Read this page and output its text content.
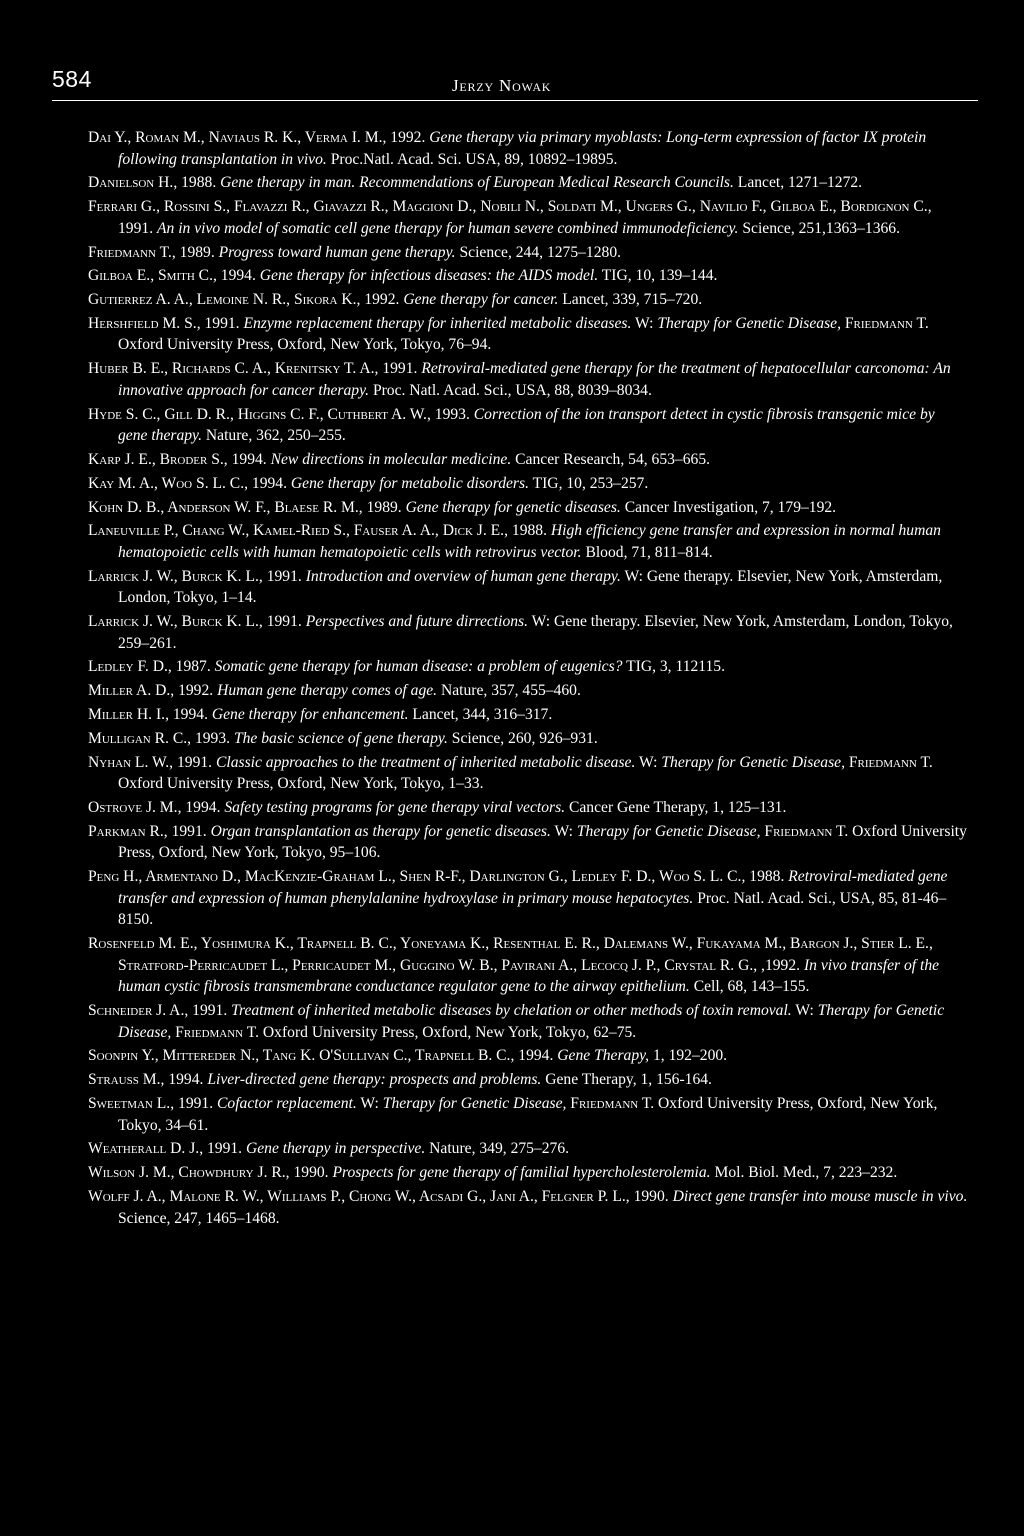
584	Jerzy Nowak

Dai Y., Roman M., Naviaus R. K., Verma I. M., 1992. Gene therapy via primary myoblasts: Long-term expression of factor IX protein following transplantation in vivo. Proc.Natl. Acad. Sci. USA, 89, 10892–19895.

Danielson H., 1988. Gene therapy in man. Recommendations of European Medical Research Councils. Lancet, 1271–1272.

Ferrari G., Rossini S., Flavazzi R., Giavazzi R., Maggioni D., Nobili N., Soldati M., Ungers G., Navilio F., Gilboa E., Bordignon C., 1991. An in vivo model of somatic cell gene therapy for human severe combined immunodeficiency. Science, 251,1363–1366.

Friedmann T., 1989. Progress toward human gene therapy. Science, 244, 1275–1280.

Gilboa E., Smith C., 1994. Gene therapy for infectious diseases: the AIDS model. TIG, 10, 139–144.

Gutierrez A. A., Lemoine N. R., Sikora K., 1992. Gene therapy for cancer. Lancet, 339, 715–720.

Hershfield M. S., 1991. Enzyme replacement therapy for inherited metabolic diseases. W: Therapy for Genetic Disease, Friedmann T. Oxford University Press, Oxford, New York, Tokyo, 76–94.

Huber B. E., Richards C. A., Krenitsky T. A., 1991. Retroviral-mediated gene therapy for the treatment of hepatocellular carconoma: An innovative approach for cancer therapy. Proc. Natl. Acad. Sci., USA, 88, 8039–8034.

Hyde S. C., Gill D. R., Higgins C. F., Cuthbert A. W., 1993. Correction of the ion transport detect in cystic fibrosis transgenic mice by gene therapy. Nature, 362, 250–255.

Karp J. E., Broder S., 1994. New directions in molecular medicine. Cancer Research, 54, 653–665.

Kay M. A., Woo S. L. C., 1994. Gene therapy for metabolic disorders. TIG, 10, 253–257.

Kohn D. B., Anderson W. F., Blaese R. M., 1989. Gene therapy for genetic diseases. Cancer Investigation, 7, 179–192.

Laneuville P., Chang W., Kamel-Ried S., Fauser A. A., Dick J. E., 1988. High efficiency gene transfer and expression in normal human hematopoietic cells with human hematopoietic cells with retrovirus vector. Blood, 71, 811–814.

Larrick J. W., Burck K. L., 1991. Introduction and overview of human gene therapy. W: Gene therapy. Elsevier, New York, Amsterdam, London, Tokyo, 1–14.

Larrick J. W., Burck K. L., 1991. Perspectives and future dirrections. W: Gene therapy. Elsevier, New York, Amsterdam, London, Tokyo, 259–261.

Ledley F. D., 1987. Somatic gene therapy for human disease: a problem of eugenics? TIG, 3, 112115.

Miller A. D., 1992. Human gene therapy comes of age. Nature, 357, 455–460.

Miller H. I., 1994. Gene therapy for enhancement. Lancet, 344, 316–317.

Mulligan R. C., 1993. The basic science of gene therapy. Science, 260, 926–931.

Nyhan L. W., 1991. Classic approaches to the treatment of inherited metabolic disease. W: Therapy for Genetic Disease, Friedmann T. Oxford University Press, Oxford, New York, Tokyo, 1–33.

Ostrove J. M., 1994. Safety testing programs for gene therapy viral vectors. Cancer Gene Therapy, 1, 125–131.

Parkman R., 1991. Organ transplantation as therapy for genetic diseases. W: Therapy for Genetic Disease, Friedmann T. Oxford University Press, Oxford, New York, Tokyo, 95–106.

Peng H., Armentano D., MacKenzie-Graham L., Shen R-F., Darlington G., Ledley F. D., Woo S. L. C., 1988. Retroviral-mediated gene transfer and expression of human phenylalanine hydroxylase in primary mouse hepatocytes. Proc. Natl. Acad. Sci., USA, 85, 81-46–8150.

Rosenfeld M. E., Yoshimura K., Trapnell B. C., Yoneyama K., Resenthal E. R., Dalemans W., Fukayama M., Bargon J., Stier L. E., Stratford-Perricaudet L., Perricaudet M., Guggino W. B., Pavirani A., Lecocq J. P., Crystal R. G., ,1992. In vivo transfer of the human cystic fibrosis transmembrane conductance regulator gene to the airway epithelium. Cell, 68, 143–155.

Schneider J. A., 1991. Treatment of inherited metabolic diseases by chelation or other methods of toxin removal. W: Therapy for Genetic Disease, Friedmann T. Oxford University Press, Oxford, New York, Tokyo, 62–75.

Soonpin Y., Mittereder N., Tang K. O'Sullivan C., Trapnell B. C., 1994. Gene Therapy, 1, 192–200.

Strauss M., 1994. Liver-directed gene therapy: prospects and problems. Gene Therapy, 1, 156-164.

Sweetman L., 1991. Cofactor replacement. W: Therapy for Genetic Disease, Friedmann T. Oxford University Press, Oxford, New York, Tokyo, 34–61.

Weatherall D. J., 1991. Gene therapy in perspective. Nature, 349, 275–276.

Wilson J. M., Chowdhury J. R., 1990. Prospects for gene therapy of familial hypercholesterolemia. Mol. Biol. Med., 7, 223–232.

Wolff J. A., Malone R. W., Williams P., Chong W., Acsadi G., Jani A., Felgner P. L., 1990. Direct gene transfer into mouse muscle in vivo. Science, 247, 1465–1468.
